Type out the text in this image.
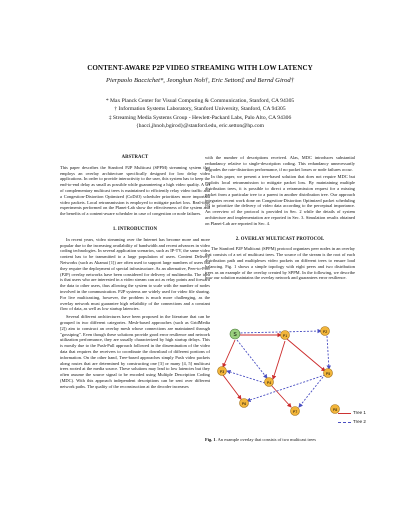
CONTENT-AWARE P2P VIDEO STREAMING WITH LOW LATENCY
Pierpaolo Baccichet*, Jeonghun Noh†, Eric Setton‡ and Bernd Girod†
* Max Planck Center for Visual Computing & Communication, Stanford, CA 94305
† Information Systems Laboratory, Stanford University, Stanford, CA 94305
‡ Streaming Media Systems Group - Hewlett-Packard Labs, Palo Alto, CA 94306
{bacci,jhnoh,bgirod}@stanford.edu, eric.setton@hp.com
ABSTRACT

This paper describes the Stanford P2P Multicast (SPPM) streaming system that employs an overlay architecture specifically designed for low delay video applications. In order to provide interactivity to the user, this system has to keep the end-to-end delay as small as possible while guaranteeing a high video quality. A set of complementary multicast trees is maintained to efficiently relay video traffic and a Congestion-Distortion Optimized (CoDiO) scheduler prioritizes more important video packets. Local retransmission is employed to mitigate packet loss. Real-time experiments performed on the Planet-Lab show the effectiveness of the system and the benefits of a content-aware scheduler in case of congestion or node failures.

1. INTRODUCTION

In recent years, video streaming over the Internet has become more and more popular due to the increasing availability of bandwidth and recent advances in video coding technologies. In several application scenarios, such as IP-TV, the same video content has to be transmitted to a large population of users. Content Delivery Networks (such as Akamai [1]) are often used to support large numbers of users but they require the deployment of special infrastructure. As an alternative, Peer-to-Peer (P2P) overlay networks have been considered for delivery of multimedia. The idea is that users who are interested in a video stream can act as relay points and forward the data to other users, thus allowing the system to scale with the number of nodes involved in the communication. P2P systems are widely used for video file sharing. For live multicasting, however, the problem is much more challenging, as the overlay network must guarantee high reliability of the connections and a constant flow of data, as well as low startup latencies.

Several different architectures have been proposed in the literature that can be grouped in two different categories. Mesh-based approaches (such as GridMedia [2]) aim to construct an overlay mesh whose connections are maintained through "gossiping". Even though these solutions provide good error resilience and network utilization performance, they are usually characterized by high startup delays. This is mostly due to the Push-Pull approach followed in the dissemination of the video data that requires the receivers to coordinate the download of different portions of information. On the other hand, Tree-based approaches simply Push video packets along routes that are determined by constructing one [3] or many [4, 5] multicast trees rooted at the media source. These solutions may lead to low latencies but they often assume the source signal to be encoded using Multiple Description Coding (MDC). With this approach independent descriptions can be sent over different network paths. The quality of the reconstruction at the decoder increases

with the number of descriptions received. Alas, MDC introduces substantial redundancy relative to single-description coding. This redundancy unnecessarily degrades the rate-distortion performance, if no packet losses or node failures occur.

In this paper, we present a tree-based solution that does not require MDC but exploits local retransmission to mitigate packet loss. By maintaining multiple distribution trees, it is possible to direct a retransmission request for a missing packet from a particular tree to a parent in another distribution tree. Our approach integrates recent work done on Congestion-Distortion Optimized packet scheduling [6] to prioritize the delivery of video data according to the perceptual importance. An overview of the protocol is provided in Sec. 2 while the details of system architecture and implementation are reported in Sec. 3. Simulation results obtained on Planet-Lab are reported in Sec. 4.

2. OVERLAY MULTICAST PROTOCOL

The Stanford P2P Multicast (SPPM) protocol organizes peer nodes in an overlay that consists of a set of multicast trees. The source of the stream is the root of each distribution path and multiplexes video packets on different trees to ensure load balancing. Fig. 1 shows a simple topology with eight peers and two distribution trees as an example of the overlay created by SPPM. In the following, we describe how our solution maintains the overlay network and guarantees error resilience.

S	P1
P2
P3
P4
P5
P6
P7	P8	Tree 1
Tree 2
Fig. 1. An example overlay that consists of two multicast trees
